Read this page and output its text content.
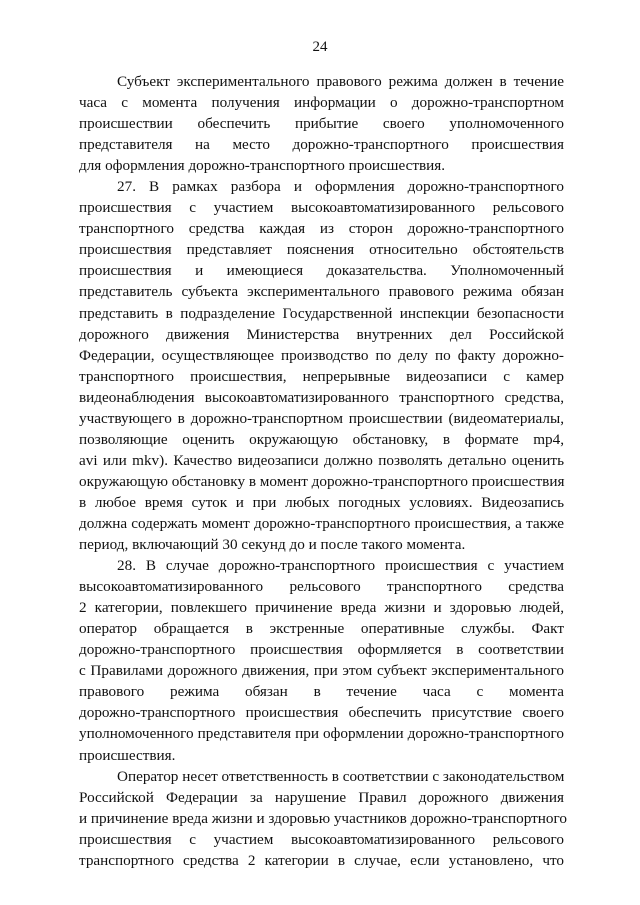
24
Субъект экспериментального правового режима должен в течение
часа с момента получения информации о дорожно-транспортном
происшествии обеспечить прибытие своего уполномоченного
представителя на место дорожно-транспортного происшествия
для оформления дорожно-транспортного происшествия.
27. В рамках разбора и оформления дорожно-транспортного
происшествия с участием высокоавтоматизированного рельсового
транспортного средства каждая из сторон дорожно-транспортного
происшествия представляет пояснения относительно обстоятельств
происшествия и имеющиеся доказательства. Уполномоченный
представитель субъекта экспериментального правового режима обязан
представить в подразделение Государственной инспекции безопасности
дорожного движения Министерства внутренних дел Российской
Федерации, осуществляющее производство по делу по факту дорожно-
транспортного происшествия, непрерывные видеозаписи с камер
видеонаблюдения высокоавтоматизированного транспортного средства,
участвующего в дорожно-транспортном происшествии (видеоматериалы,
позволяющие оценить окружающую обстановку, в формате mp4,
avi или mkv). Качество видеозаписи должно позволять детально оценить
окружающую обстановку в момент дорожно-транспортного происшествия
в любое время суток и при любых погодных условиях. Видеозапись
должна содержать момент дорожно-транспортного происшествия, а также
период, включающий 30 секунд до и после такого момента.
28. В случае дорожно-транспортного происшествия с участием
высокоавтоматизированного рельсового транспортного средства
2 категории, повлекшего причинение вреда жизни и здоровью людей,
оператор обращается в экстренные оперативные службы. Факт
дорожно-транспортного происшествия оформляется в соответствии
с Правилами дорожного движения, при этом субъект экспериментального
правового режима обязан в течение часа с момента
дорожно-транспортного происшествия обеспечить присутствие своего
уполномоченного представителя при оформлении дорожно-транспортного
происшествия.
Оператор несет ответственность в соответствии с законодательством
Российской Федерации за нарушение Правил дорожного движения
и причинение вреда жизни и здоровью участников дорожно-транспортного
происшествия с участием высокоавтоматизированного рельсового
транспортного средства 2 категории в случае, если установлено, что
